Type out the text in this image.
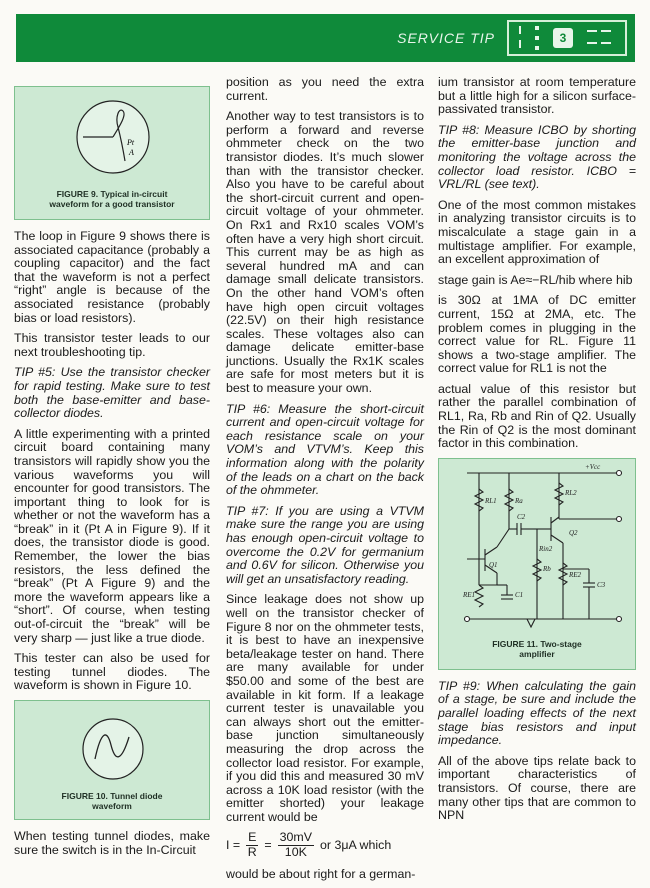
SERVICE TIP	3
Pt
A
FIGURE 9. Typical in-circuit
waveform for a good transistor

The loop in Figure 9 shows there is associated capacitance (probably a coupling capacitor) and the fact that the waveform is not a perfect “right” angle is because of the associated resistance (probably bias or load resistors).

This transistor tester leads to our next troubleshooting tip.

TIP #5: Use the transistor checker for rapid testing. Make sure to test both the base-emitter and base-collector diodes.

A little experimenting with a printed circuit board containing many transistors will rapidly show you the various waveforms you will encounter for good transistors. The important thing to look for is whether or not the waveform has a “break” in it (Pt A in Figure 9). If it does, the transistor diode is good. Remember, the lower the bias resistors, the less defined the “break” (Pt A Figure 9) and the more the waveform appears like a “short”. Of course, when testing out-of-circuit the “break” will be very sharp — just like a true diode.

This tester can also be used for testing tunnel diodes. The waveform is shown in Figure 10.

FIGURE 10. Tunnel diode
waveform

When testing tunnel diodes, make sure the switch is in the In-Circuit

position as you need the extra current.

Another way to test transistors is to perform a forward and reverse ohmmeter check on the two transistor diodes. It’s much slower than with the transistor checker. Also you have to be careful about the short-circuit current and open-circuit voltage of your ohmmeter. On Rx1 and Rx10 scales VOM’s often have a very high short circuit. This current may be as high as several hundred mA and can damage small delicate transistors. On the other hand VOM’s often have high open circuit voltages (22.5V) on their high resistance scales. These voltages also can damage delicate emitter-base junctions. Usually the Rx1K scales are safe for most meters but it is best to measure your own.

TIP #6: Measure the short-circuit current and open-circuit voltage for each resistance scale on your VOM’s and VTVM’s. Keep this information along with the polarity of the leads on a chart on the back of the ohmmeter.

TIP #7: If you are using a VTVM make sure the range you are using has enough open-circuit voltage to overcome the 0.2V for germanium and 0.6V for silicon. Otherwise you will get an unsatisfactory reading.

Since leakage does not show up well on the transistor checker of Figure 8 nor on the ohmmeter tests, it is best to have an inexpensive beta/leakage tester on hand. There are many available for under $50.00 and some of the best are available in kit form. If a leakage current tester is unavailable you can always short out the emitter-base junction simultaneously measuring the drop across the collector load resistor. For example, if you did this and measured 30 mV across a 10K load resistor (with the emitter shorted) your leakage current would be

$I = \frac{E}{R} = \frac{30mV}{10K}$ or 3μA which

would be about right for a german-

ium transistor at room temperature but a little high for a silicon surface-passivated transistor.

TIP #8: Measure ICBO by shorting the emitter-base junction and monitoring the voltage across the collector load resistor. ICBO = VRL/RL (see text).

One of the most common mistakes in analyzing transistor circuits is to miscalculate a stage gain in a multistage amplifier. For example, an excellent approximation of

stage gain is Ae≈−RL/hib where hib

is 30Ω at 1MA of DC emitter current, 15Ω at 2MA, etc. The problem comes in plugging in the correct value for RL. Figure 11 shows a two-stage amplifier. The correct value for RL1 is not the

actual value of this resistor but rather the parallel combination of RL1, Ra, Rb and Rin of Q2. Usually the Rin of Q2 is the most dominant factor in this combination.

+Vcc
RL1	Ra
RL2
C2
Q2
Rin2
Rb
Q1
RE1	C1
RE2
C3
FIGURE 11. Two-stage
amplifier

TIP #9: When calculating the gain of a stage, be sure and include the parallel loading effects of the next stage bias resistors and input impedance.

All of the above tips relate back to important characteristics of transistors. Of course, there are many other tips that are common to NPN
